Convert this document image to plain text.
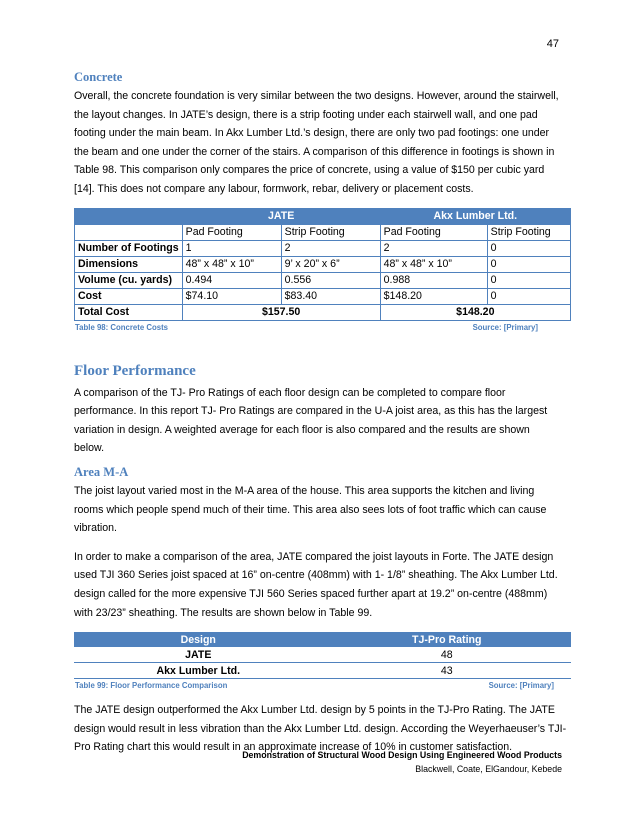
47
Concrete

Overall, the concrete foundation is very similar between the two designs. However, around the stairwell,
the layout changes. In JATE’s design, there is a strip footing under each stairwell wall, and one pad
footing under the main beam. In Akx Lumber Ltd.’s design, there are only two pad footings: one under
the beam and one under the corner of the stairs. A comparison of this difference in footings is shown in
Table 98. This comparison only compares the price of concrete, using a value of $150 per cubic yard
[14]. This does not compare any labour, formwork, rebar, delivery or placement costs.

	JATE		Akx Lumber Ltd.	
	Pad Footing	Strip Footing	Pad Footing	Strip Footing
Number of Footings	1	2	2	0
Dimensions	48” x 48” x 10”	9’ x 20” x 6”	48” x 48” x 10”	0
Volume (cu. yards)	0.494	0.556	0.988	0
Cost	$74.10	$83.40	$148.20	0
Total Cost	$157.50		$148.20	
Table 98: Concrete Costs	Source: [Primary]
Floor Performance

A comparison of the TJ- Pro Ratings of each floor design can be completed to compare floor
performance. In this report TJ- Pro Ratings are compared in the U-A joist area, as this has the largest
variation in design. A weighted average for each floor is also compared and the results are shown
below.

Area M-A

The joist layout varied most in the M-A area of the house. This area supports the kitchen and living
rooms which people spend much of their time. This area also sees lots of foot traffic which can cause
vibration.

In order to make a comparison of the area, JATE compared the joist layouts in Forte. The JATE design
used TJI 360 Series joist spaced at 16” on-centre (408mm) with 1- 1/8” sheathing. The Akx Lumber Ltd.
design called for the more expensive TJI 560 Series spaced further apart at 19.2” on-centre (488mm)
with 23/23” sheathing. The results are shown below in Table 99.

Design	TJ-Pro Rating
JATE	48
Akx Lumber Ltd.	43
Table 99: Floor Performance Comparison	Source: [Primary]

The JATE design outperformed the Akx Lumber Ltd. design by 5 points in the TJ-Pro Rating. The JATE
design would result in less vibration than the Akx Lumber Ltd. design. According the Weyerhaeuser’s TJI-
Pro Rating chart this would result in an approximate increase of 10% in customer satisfaction.

Demonstration of Structural Wood Design Using Engineered Wood Products
Blackwell, Coate, ElGandour, Kebede
